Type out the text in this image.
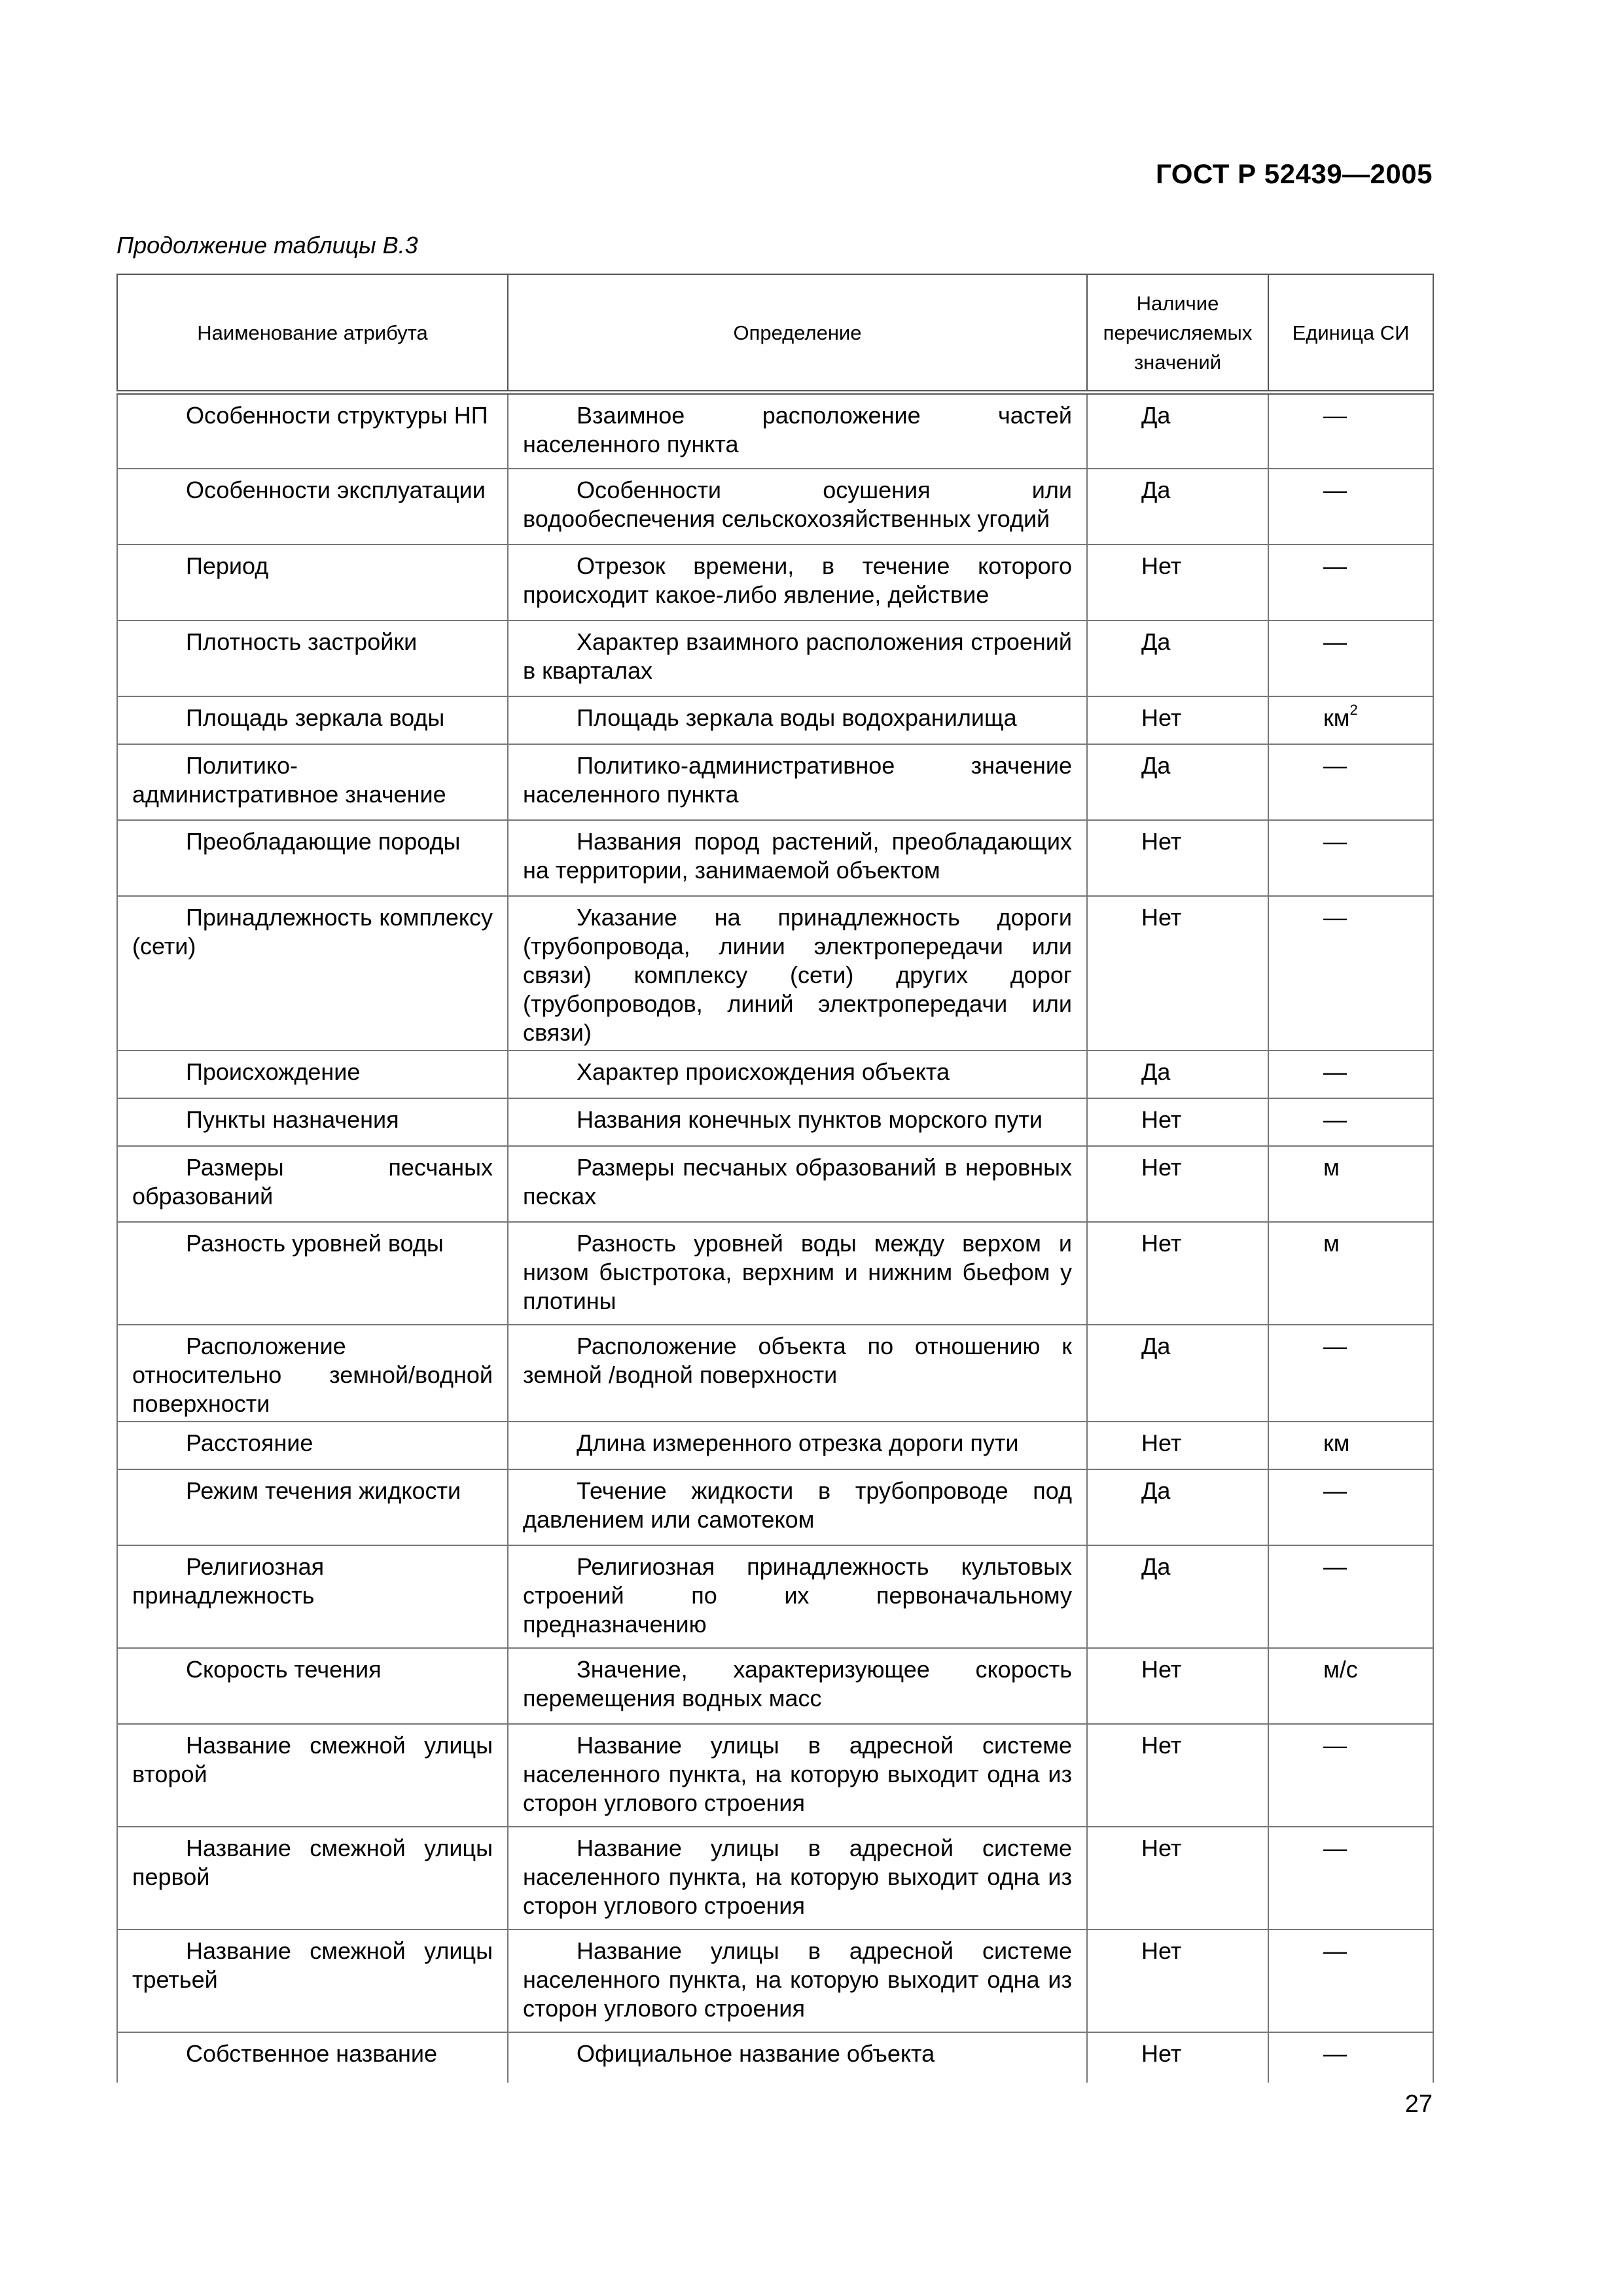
ГОСТ Р 52439—2005
Продолжение таблицы В.3
Наименование атрибута	Определение	Наличие перечисляемых значений	Единица СИ
Особенности структуры НП	Взаимное расположение частей населенного пункта	Да	—
Особенности эксплуатации	Особенности осушения или водообеспечения сельскохозяйственных угодий	Да	—
Период	Отрезок времени, в течение которого происходит какое-либо явление, действие	Нет	—
Плотность застройки	Характер взаимного расположения строений в кварталах	Да	—
Площадь зеркала воды	Площадь зеркала воды водохранилища	Нет	$км^2$
Политико-административное значение	Политико-административное значение населенного пункта	Да	—
Преобладающие породы	Названия пород растений, преобладающих на территории, занимаемой объектом	Нет	—
Принадлежность комплексу (сети)	Указание на принадлежность дороги (трубопровода, линии электропередачи или связи) комплексу (сети) других дорог (трубопроводов, линий электропередачи или связи)	Нет	—
Происхождение	Характер происхождения объекта	Да	—
Пункты назначения	Названия конечных пунктов морского пути	Нет	—
Размеры песчаных образований	Размеры песчаных образований в неровных песках	Нет	м
Разность уровней воды	Разность уровней воды между верхом и низом быстротока, верхним и нижним бьефом у плотины	Нет	м
Расположение относительно земной/водной поверхности	Расположение объекта по отношению к земной /водной поверхности	Да	—
Расстояние	Длина измеренного отрезка дороги пути	Нет	км
Режим течения жидкости	Течение жидкости в трубопроводе под давлением или самотеком	Да	—
Религиозная принадлежность	Религиозная принадлежность культовых строений по их первоначальному предназначению	Да	—
Скорость течения	Значение, характеризующее скорость перемещения водных масс	Нет	м/с
Название смежной улицы второй	Название улицы в адресной системе населенного пункта, на которую выходит одна из сторон углового строения	Нет	—
Название смежной улицы первой	Название улицы в адресной системе населенного пункта, на которую выходит одна из сторон углового строения	Нет	—
Название смежной улицы третьей	Название улицы в адресной системе населенного пункта, на которую выходит одна из сторон углового строения	Нет	—
Собственное название	Официальное название объекта	Нет	—
27
